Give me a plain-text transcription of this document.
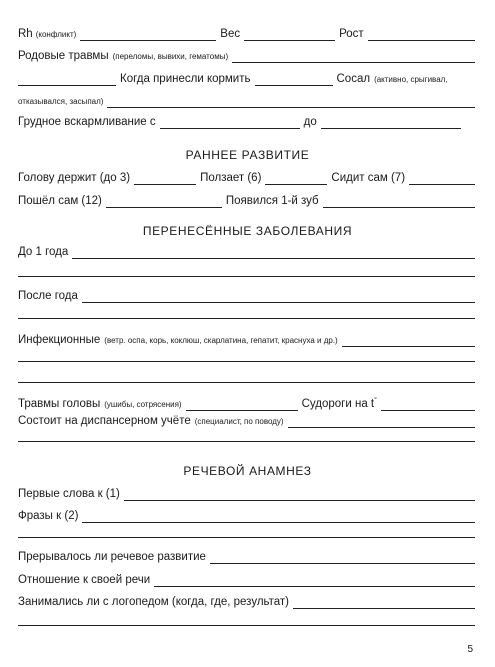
Rh (конфликт)	Вес	Рост
Родовые травмы (переломы, вывихи, гематомы)
Когда принесли кормить	Сосал (активно, срыгивал,
отказывался, засыпал)
Грудное вскармливание с	до
РАННЕЕ РАЗВИТИЕ
Голову держит (до 3)	Ползает (6)	Сидит сам (7)
Пошёл сам (12)	Появился 1-й зуб
ПЕРЕНЕСЁННЫЕ ЗАБОЛЕВАНИЯ
До 1 года
После года
Инфекционные (ветр. оспа, корь, коклюш, скарлатина, гепатит, краснуха и др.)
Травмы головы (ушибы, сотрясения)	Судороги на t°
Состоит на диспансерном учёте (специалист, по поводу)
РЕЧЕВОЙ АНАМНЕЗ
Первые слова к (1)
Фразы к (2)
Прерывалось ли речевое развитие
Отношение к своей речи
Занимались ли с логопедом (когда, где, результат)
5
